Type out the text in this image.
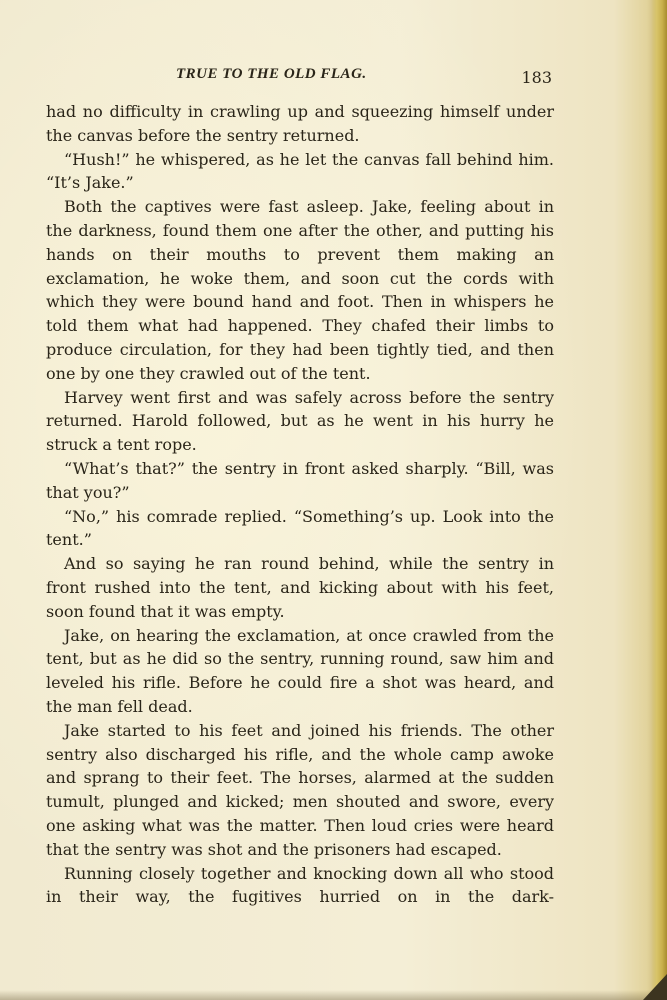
TRUE TO THE OLD FLAG.	183

had no difficulty in crawling up and squeezing himself under the canvas before the sentry returned.

“Hush!” he whispered, as he let the canvas fall behind him. “It’s Jake.”

Both the captives were fast asleep. Jake, feeling about in the darkness, found them one after the other, and putting his hands on their mouths to prevent them making an exclamation, he woke them, and soon cut the cords with which they were bound hand and foot. Then in whispers he told them what had happened. They chafed their limbs to produce circulation, for they had been tightly tied, and then one by one they crawled out of the tent.

Harvey went first and was safely across before the sentry returned. Harold followed, but as he went in his hurry he struck a tent rope.

“What’s that?” the sentry in front asked sharply. “Bill, was that you?”

“No,” his comrade replied. “Something’s up. Look into the tent.”

And so saying he ran round behind, while the sentry in front rushed into the tent, and kicking about with his feet, soon found that it was empty.

Jake, on hearing the exclamation, at once crawled from the tent, but as he did so the sentry, running round, saw him and leveled his rifle. Before he could fire a shot was heard, and the man fell dead.

Jake started to his feet and joined his friends. The other sentry also discharged his rifle, and the whole camp awoke and sprang to their feet. The horses, alarmed at the sudden tumult, plunged and kicked; men shouted and swore, every one asking what was the matter. Then loud cries were heard that the sentry was shot and the prisoners had escaped.

Running closely together and knocking down all who stood in their way, the fugitives hurried on in the dark-
